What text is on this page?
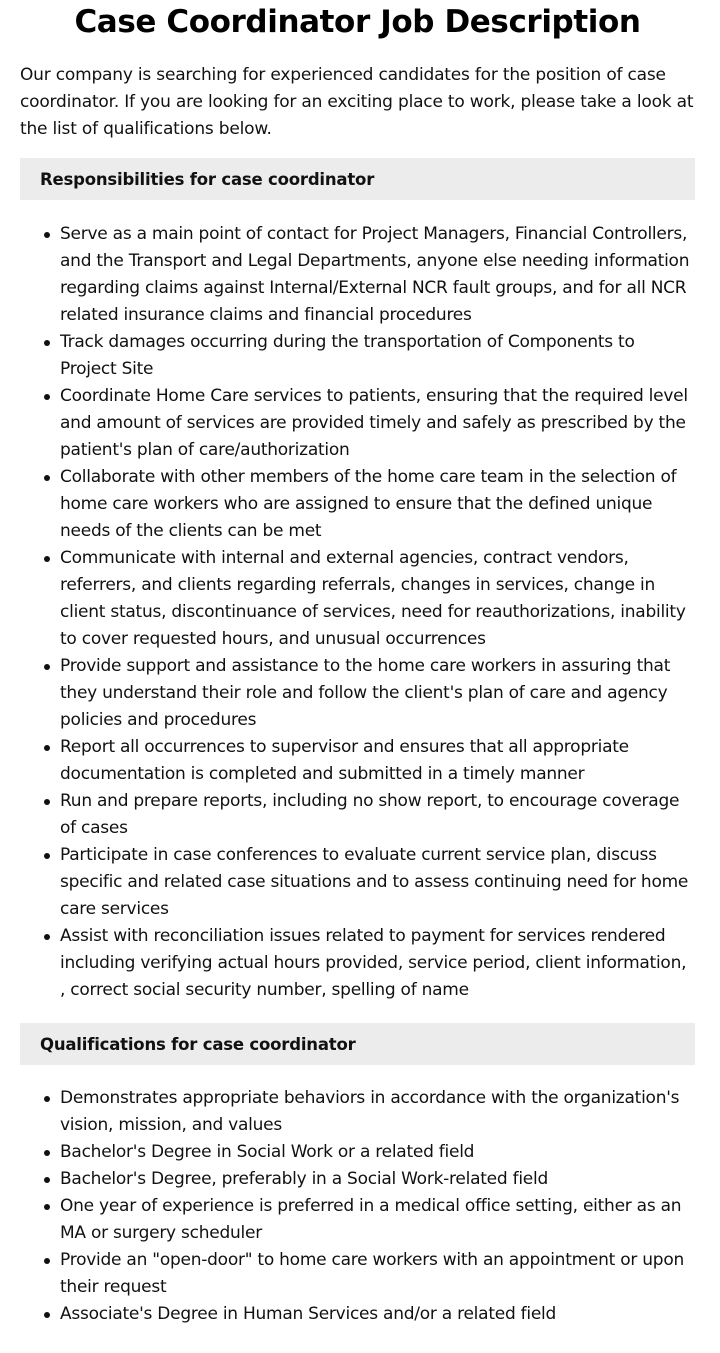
Case Coordinator Job Description

Our company is searching for experienced candidates for the position of case coordinator. If you are looking for an exciting place to work, please take a look at the list of qualifications below.

Responsibilities for case coordinator
Serve as a main point of contact for Project Managers, Financial Controllers, and the Transport and Legal Departments, anyone else needing information regarding claims against Internal/External NCR fault groups, and for all NCR related insurance claims and financial procedures
Track damages occurring during the transportation of Components to Project Site
Coordinate Home Care services to patients, ensuring that the required level and amount of services are provided timely and safely as prescribed by the patient's plan of care/authorization
Collaborate with other members of the home care team in the selection of home care workers who are assigned to ensure that the defined unique needs of the clients can be met
Communicate with internal and external agencies, contract vendors, referrers, and clients regarding referrals, changes in services, change in client status, discontinuance of services, need for reauthorizations, inability to cover requested hours, and unusual occurrences
Provide support and assistance to the home care workers in assuring that they understand their role and follow the client's plan of care and agency policies and procedures
Report all occurrences to supervisor and ensures that all appropriate documentation is completed and submitted in a timely manner
Run and prepare reports, including no show report, to encourage coverage of cases
Participate in case conferences to evaluate current service plan, discuss specific and related case situations and to assess continuing need for home care services
Assist with reconciliation issues related to payment for services rendered including verifying actual hours provided, service period, client information, , correct social security number, spelling of name
Qualifications for case coordinator
Demonstrates appropriate behaviors in accordance with the organization's vision, mission, and values
Bachelor's Degree in Social Work or a related field
Bachelor's Degree, preferably in a Social Work-related field
One year of experience is preferred in a medical office setting, either as an MA or surgery scheduler
Provide an "open-door" to home care workers with an appointment or upon their request
Associate's Degree in Human Services and/or a related field
